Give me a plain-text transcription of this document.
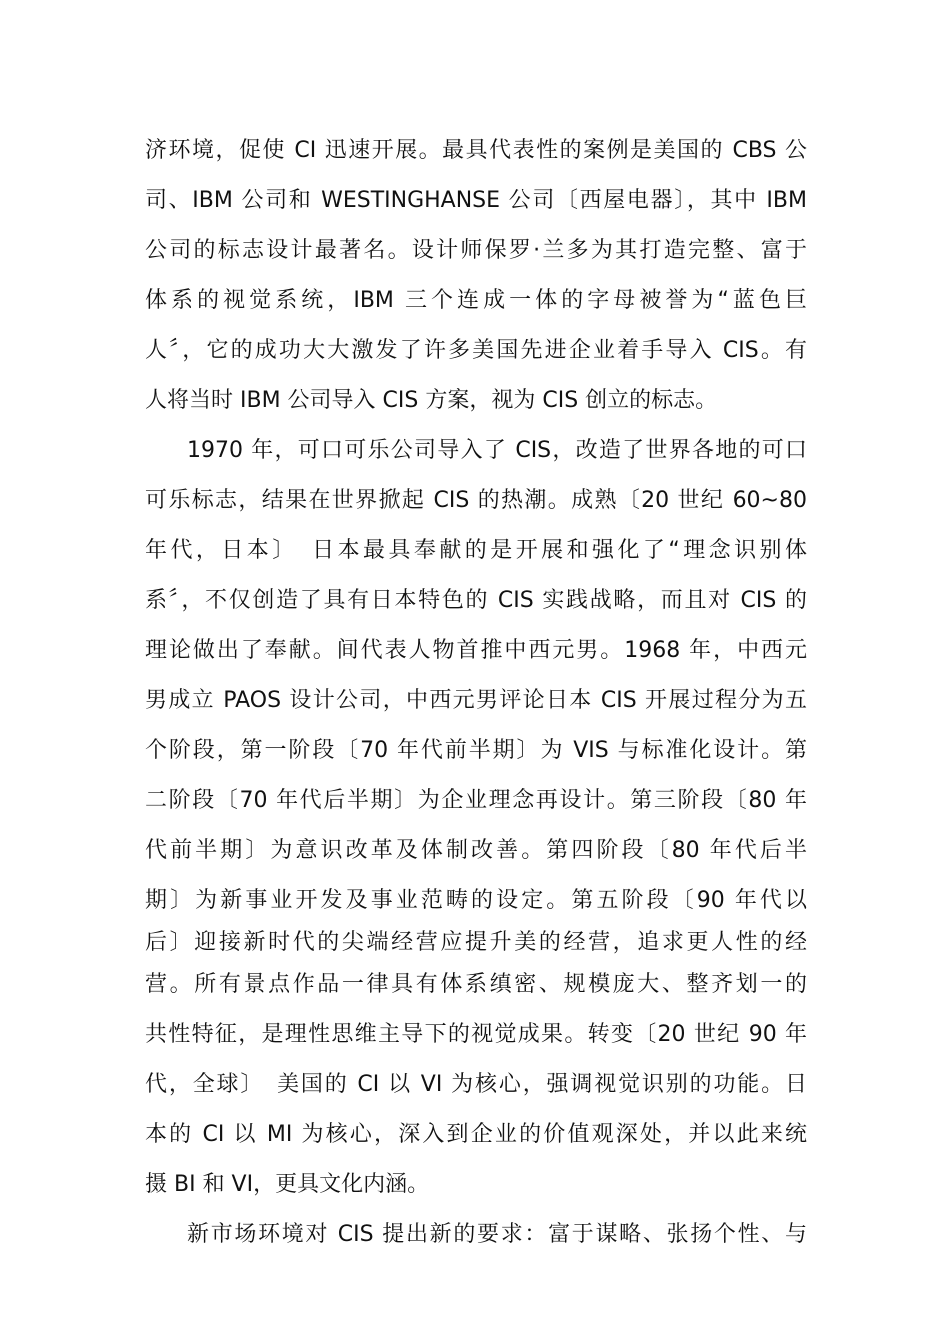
济环境，促使 CI 迅速开展。最具代表性的案例是美国的 CBS 公
司、IBM 公司和 WESTINGHANSE 公司〔西屋电器〕，其中 IBM
公司的标志设计最著名。设计师保罗·兰多为其打造完整、富于
体系的视觉系统，IBM 三个连成一体的字母被誉为“蓝色巨
人〞，它的成功大大激发了许多美国先进企业着手导入 CIS。有
人将当时 IBM 公司导入 CIS 方案，视为 CIS 创立的标志。
1970 年，可口可乐公司导入了 CIS，改造了世界各地的可口
可乐标志，结果在世界掀起 CIS 的热潮。成熟〔20 世纪 60~80
年代，日本〕　日本最具奉献的是开展和强化了“理念识别体
系〞，不仅创造了具有日本特色的 CIS 实践战略，而且对 CIS 的
理论做出了奉献。间代表人物首推中西元男。1968 年，中西元
男成立 PAOS 设计公司，中西元男评论日本 CIS 开展过程分为五
个阶段，第一阶段〔70 年代前半期〕为 VIS 与标准化设计。第
二阶段〔70 年代后半期〕为企业理念再设计。第三阶段〔80 年
代前半期〕为意识改革及体制改善。第四阶段〔80 年代后半
期〕为新事业开发及事业范畴的设定。第五阶段〔90 年代以
后〕迎接新时代的尖端经营应提升美的经营，追求更人性的经
营。所有景点作品一律具有体系缜密、规模庞大、整齐划一的
共性特征，是理性思维主导下的视觉成果。转变〔20 世纪 90 年
代，全球〕　美国的 CI 以 VI 为核心，强调视觉识别的功能。日
本的 CI 以 MI 为核心，深入到企业的价值观深处，并以此来统
摄 BI 和 VI，更具文化内涵。
新市场环境对 CIS 提出新的要求：富于谋略、张扬个性、与
